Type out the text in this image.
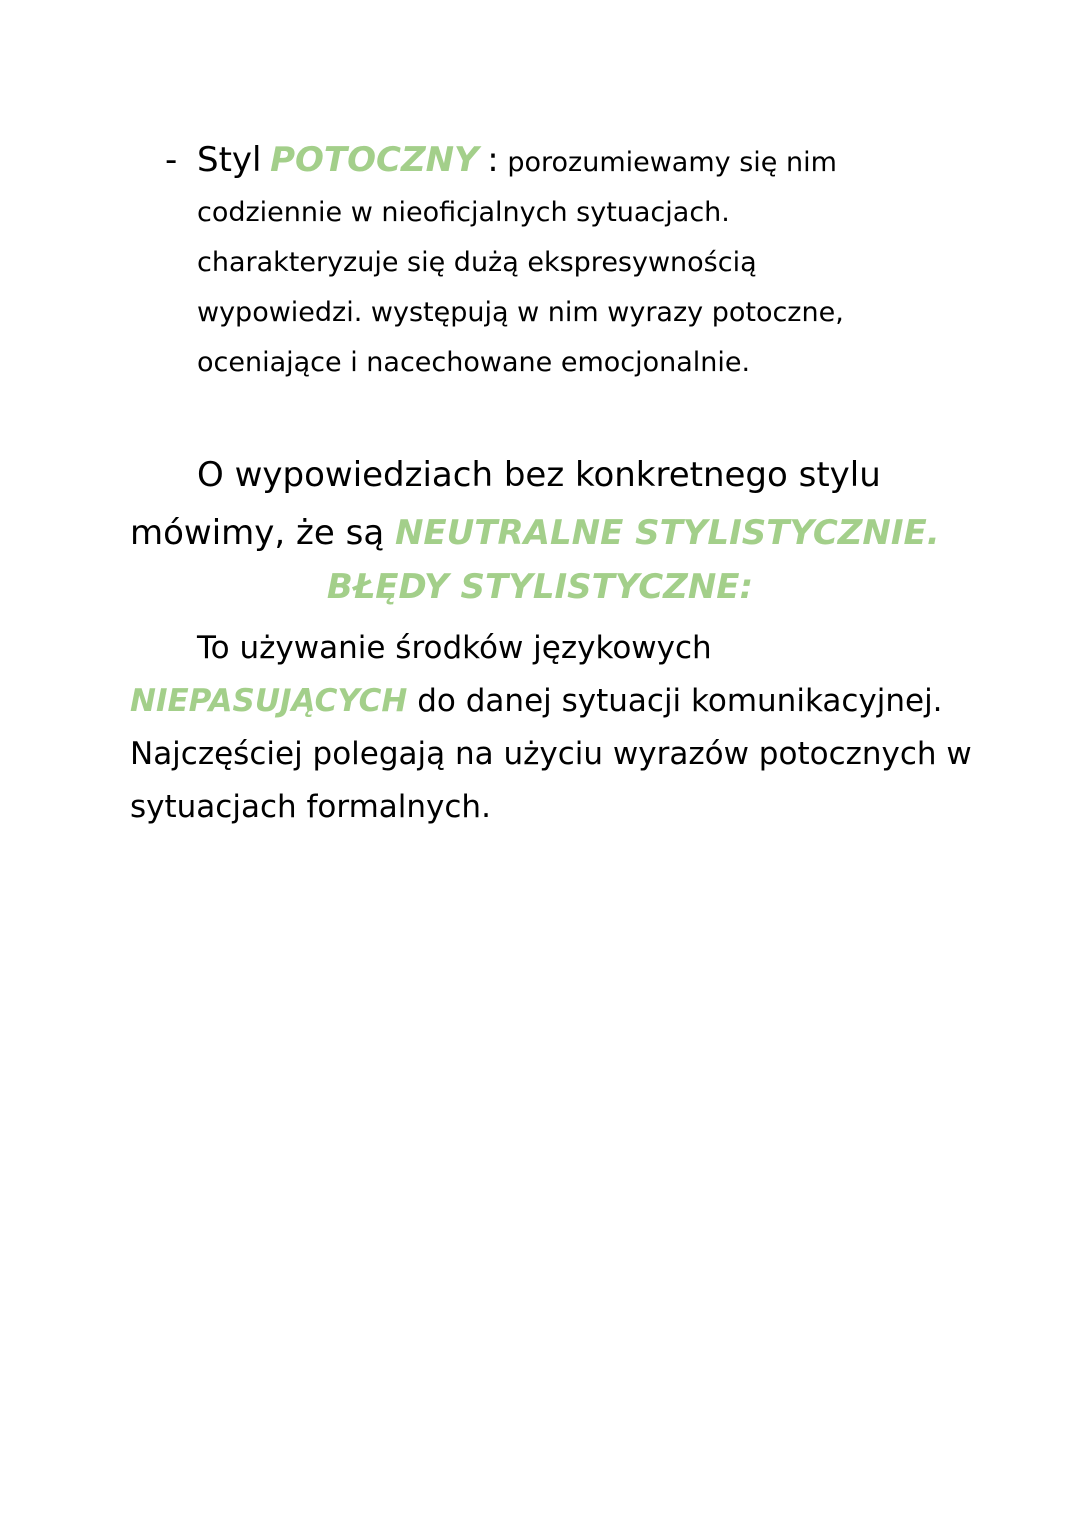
- Styl POTOCZNY : porozumiewamy się nim
codziennie w nieoficjalnych sytuacjach.
charakteryzuje się dużą ekspresywnością
wypowiedzi. występują w nim wyrazy potoczne,
oceniające i nacechowane emocjonalnie.
O wypowiedziach bez konkretnego stylu
mówimy, że są NEUTRALNE STYLISTYCZNIE.
BŁĘDY STYLISTYCZNE:
To używanie środków językowych
NIEPASUJĄCYCH do danej sytuacji komunikacyjnej.
Najczęściej polegają na użyciu wyrazów potocznych w
sytuacjach formalnych.
